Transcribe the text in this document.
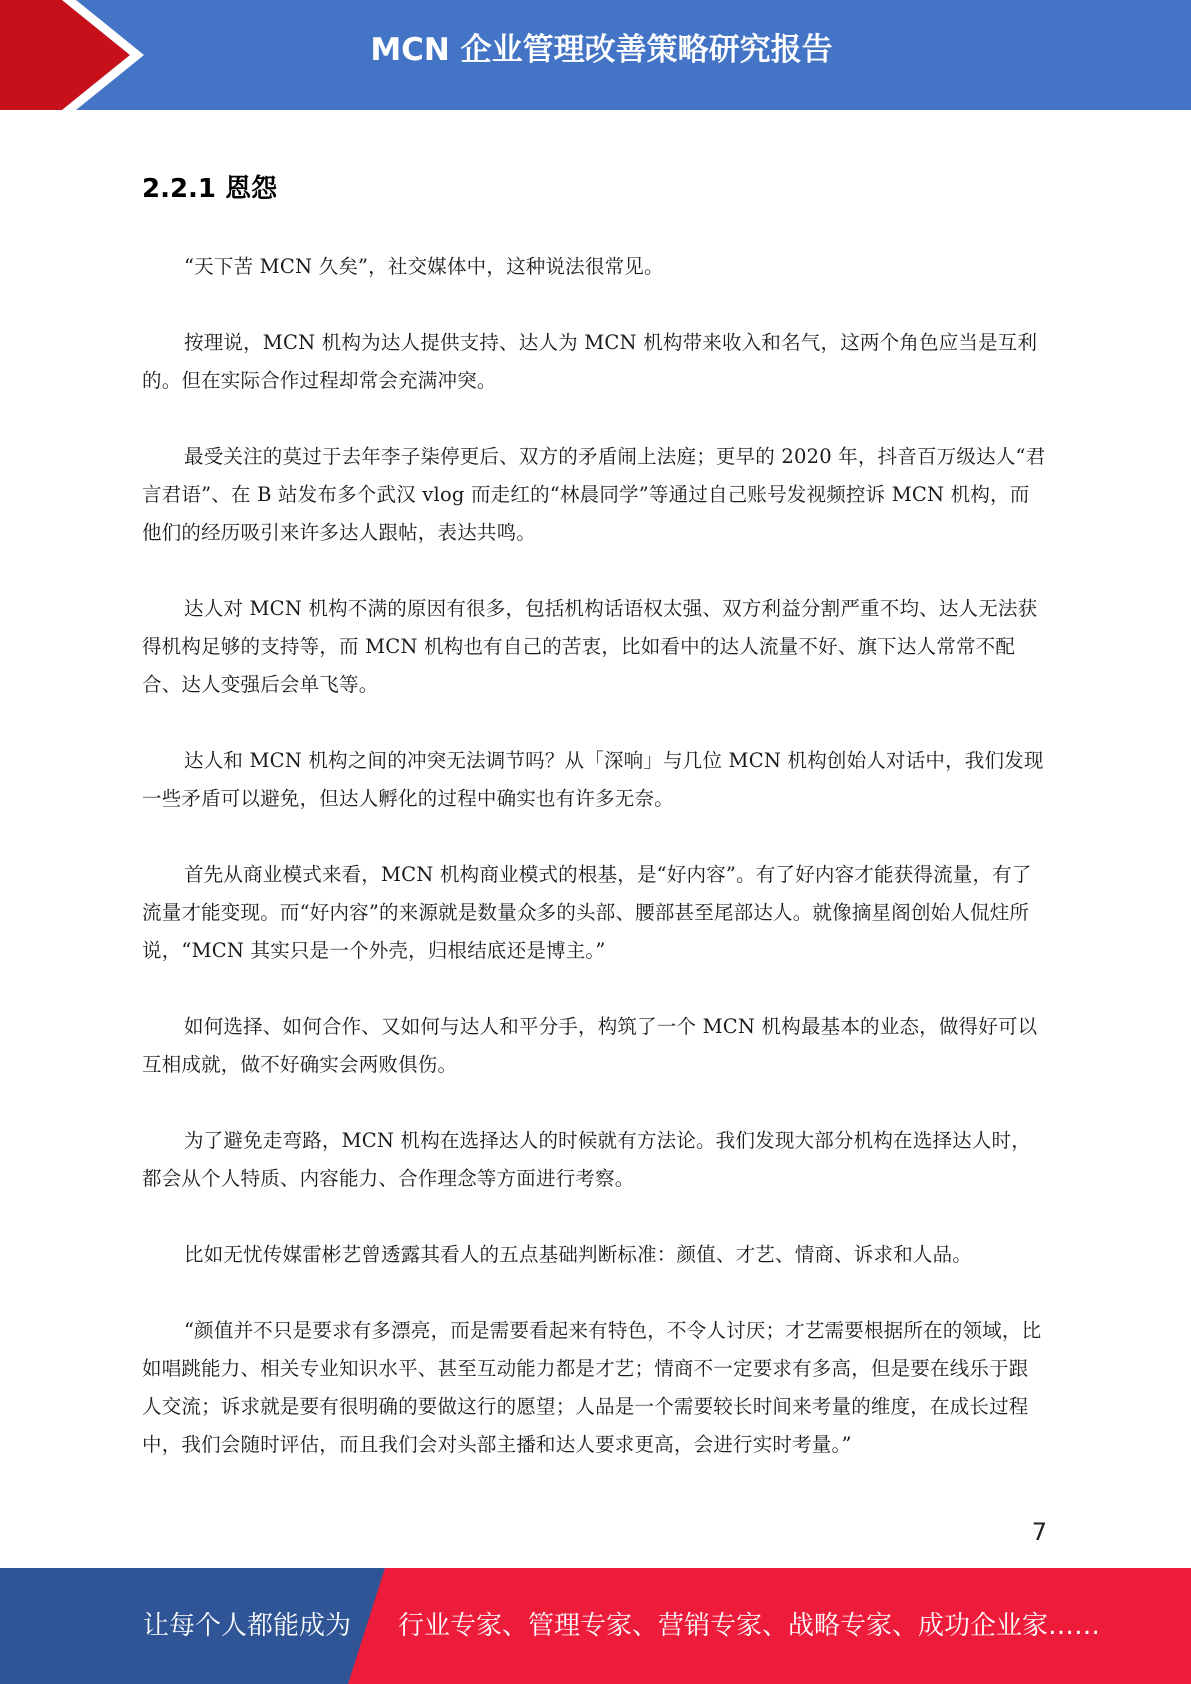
MCN 企业管理改善策略研究报告
2.2.1 恩怨

“天下苦 MCN 久矣”，社交媒体中，这种说法很常见。

按理说，MCN 机构为达人提供支持、达人为 MCN 机构带来收入和名气，这两个角色应当是互利的。但在实际合作过程却常会充满冲突。

最受关注的莫过于去年李子柒停更后、双方的矛盾闹上法庭；更早的 2020 年，抖音百万级达人“君言君语”、在 B 站发布多个武汉 vlog 而走红的“林晨同学”等通过自己账号发视频控诉 MCN 机构，而他们的经历吸引来许多达人跟帖，表达共鸣。

达人对 MCN 机构不满的原因有很多，包括机构话语权太强、双方利益分割严重不均、达人无法获得机构足够的支持等，而 MCN 机构也有自己的苦衷，比如看中的达人流量不好、旗下达人常常不配合、达人变强后会单飞等。

达人和 MCN 机构之间的冲突无法调节吗？从「深响」与几位 MCN 机构创始人对话中，我们发现一些矛盾可以避免，但达人孵化的过程中确实也有许多无奈。

首先从商业模式来看，MCN 机构商业模式的根基，是“好内容”。有了好内容才能获得流量，有了流量才能变现。而“好内容”的来源就是数量众多的头部、腰部甚至尾部达人。就像摘星阁创始人侃炷所说，“MCN 其实只是一个外壳，归根结底还是博主。”

如何选择、如何合作、又如何与达人和平分手，构筑了一个 MCN 机构最基本的业态，做得好可以互相成就，做不好确实会两败俱伤。

为了避免走弯路，MCN 机构在选择达人的时候就有方法论。我们发现大部分机构在选择达人时，都会从个人特质、内容能力、合作理念等方面进行考察。

比如无忧传媒雷彬艺曾透露其看人的五点基础判断标准：颜值、才艺、情商、诉求和人品。

“颜值并不只是要求有多漂亮，而是需要看起来有特色，不令人讨厌；才艺需要根据所在的领域，比如唱跳能力、相关专业知识水平、甚至互动能力都是才艺；情商不一定要求有多高，但是要在线乐于跟人交流；诉求就是要有很明确的要做这行的愿望；人品是一个需要较长时间来考量的维度，在成长过程中，我们会随时评估，而且我们会对头部主播和达人要求更高，会进行实时考量。”

7
让每个人都能成为 行业专家、管理专家、营销专家、战略专家、成功企业家……
